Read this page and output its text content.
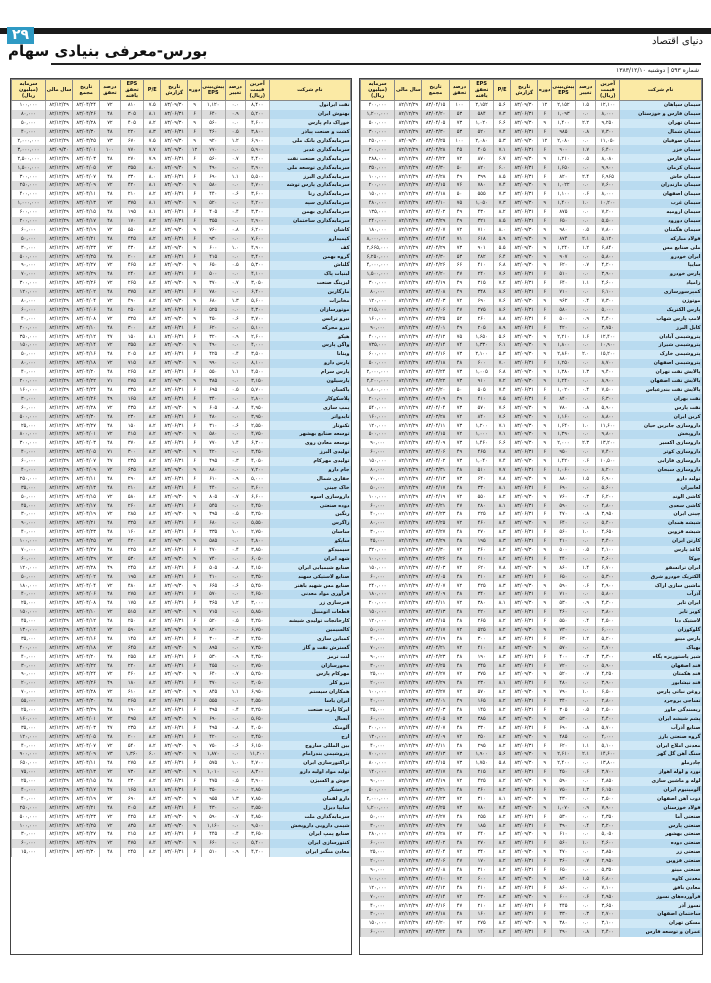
۲۹	دنیای اقتصاد
بورس-معرفی بنیادی سهام
شماره ۵۹۳ | دوشنبه ۱۳۸۳/۱۲/۱۰
نام شرکت	آخرین قیمت (ریال)	درصد تغییر	پیش‌بینی EPS	دوره	تاریخ گزارش	P/E	EPS تحقق یافته	درصد تحقق	تاریخ مجمع	سال مالی	سرمایه (میلیون ریال)
نفت ایرانول	۸,۴۰۰	۰.۰	۱,۱۲۰	۹	۸۳/۰۹/۳۰	۷.۵	۸۱۰	۷۲	۸۳/۰۴/۲۴	۸۲/۱۲/۲۹	۱۰۰,۰۰۰
بهنوش ایران	۵,۲۰۰	۰.۹	۶۴۰	۶	۸۳/۰۶/۳۱	۸.۱	۳۰۵	۴۸	۸۳/۰۴/۲۶	۸۲/۱۲/۲۹	۸۰,۰۰۰
خوراک دام پارس	۴,۶۰۰	۰.۰	۵۶۰	۹	۸۳/۰۹/۳۰	۸.۲	۴۰۵	۷۲	۸۳/۰۴/۲۸	۸۲/۱۲/۲۹	۵۰,۰۰۰
کشت و صنعت پیاذر	۳,۸۰۰	۰.۵	۴۶۰	۶	۸۳/۰۶/۳۱	۸.۳	۲۲۰	۴۸	۸۳/۰۴/۳۰	۸۲/۱۲/۲۹	۴۰,۰۰۰
سرمایه‌گذاری بانک ملی	۶,۹۰۰	۱.۲	۹۲۰	۹	۸۳/۰۹/۳۰	۷.۵	۶۷۰	۷۳	۸۳/۰۳/۲۵	۸۲/۱۲/۲۹	۲,۰۰۰,۰۰۰
سرمایه‌گذاری غدیر	۵,۹۰۰	۰.۰	۷۷۰	۱۲	۸۳/۰۹/۳۰	۷.۷	۷۷۰	۱۰۰	۸۳/۰۴/۰۱	۸۳/۰۹/۳۰	۳,۰۰۰,۰۰۰
سرمایه‌گذاری صنعت نفت	۴,۴۰۰	۰.۷	۵۶۰	۶	۸۳/۰۶/۳۱	۷.۹	۲۷۰	۴۸	۸۳/۰۴/۰۳	۸۲/۱۲/۲۹	۲,۵۰۰,۰۰۰
سرمایه‌گذاری توسعه ملی	۳,۹۰۰	۰.۰	۴۹۰	۹	۸۳/۰۹/۳۰	۸.۰	۳۵۵	۷۲	۸۳/۰۴/۰۵	۸۲/۱۲/۲۹	۱,۵۰۰,۰۰۰
سرمایه‌گذاری البرز	۵,۵۰۰	۱.۱	۶۹۰	۶	۸۳/۰۶/۳۱	۸.۰	۳۳۰	۴۸	۸۳/۰۴/۰۷	۸۲/۱۲/۲۹	۳۰۰,۰۰۰
سرمایه‌گذاری پارس توشه	۴,۷۰۰	۰.۰	۵۸۰	۹	۸۳/۰۹/۳۰	۸.۱	۴۲۰	۷۲	۸۳/۰۴/۰۹	۸۲/۱۲/۲۹	۲۵۰,۰۰۰
سرمایه‌گذاری رنا	۳,۶۰۰	۰.۶	۴۴۰	۶	۸۳/۰۶/۳۱	۸.۲	۲۱۰	۴۸	۸۳/۰۴/۱۱	۸۲/۱۲/۲۹	۴۰۰,۰۰۰
سرمایه‌گذاری سپه	۴,۲۰۰	۰.۰	۵۲۰	۹	۸۳/۰۹/۳۰	۸.۱	۳۷۵	۷۲	۸۳/۰۴/۱۳	۸۲/۱۲/۲۹	۱,۰۰۰,۰۰۰
سرمایه‌گذاری بهمن	۳,۳۰۰	۰.۴	۴۰۵	۶	۸۳/۰۶/۳۱	۸.۱	۱۹۵	۴۸	۸۳/۰۴/۱۵	۸۲/۱۲/۲۹	۶۰۰,۰۰۰
سرمایه‌گذاری ساختمان	۲,۹۰۰	۰.۰	۳۵۵	۶	۸۳/۰۶/۳۱	۸.۲	۱۷۰	۴۸	۸۳/۰۴/۱۷	۸۲/۱۲/۲۹	۲۰۰,۰۰۰
کاشان	۶,۲۰۰	۰.۸	۷۶۰	۹	۸۳/۰۹/۳۰	۸.۲	۵۵۰	۷۲	۸۳/۰۴/۱۹	۸۲/۱۲/۲۹	۶۰,۰۰۰
کیمیدارو	۷,۶۰۰	۰.۰	۹۳۰	۶	۸۳/۰۶/۳۱	۸.۲	۴۴۵	۴۸	۸۳/۰۴/۲۱	۸۲/۱۲/۲۹	۵۰,۰۰۰
کف	۴,۹۰۰	۱.۰	۶۰۰	۹	۸۳/۰۹/۳۰	۸.۲	۴۳۰	۷۲	۸۳/۰۴/۲۳	۸۲/۱۲/۲۹	۳۰,۰۰۰
گروه بهمن	۳,۴۰۰	۰.۰	۴۱۵	۶	۸۳/۰۶/۳۱	۸.۲	۲۰۰	۴۸	۸۳/۰۴/۲۵	۸۲/۱۲/۲۹	۵۰۰,۰۰۰
گلتاش	۵,۳۰۰	۰.۵	۶۵۰	۹	۸۳/۰۹/۳۰	۸.۲	۴۶۵	۷۲	۸۳/۰۴/۲۷	۸۲/۱۲/۲۹	۹۰,۰۰۰
لبنیات پاک	۴,۱۰۰	۰.۰	۵۰۰	۶	۸۳/۰۶/۳۱	۸.۲	۲۴۰	۴۸	۸۳/۰۴/۲۹	۸۲/۱۲/۲۹	۷۰,۰۰۰
لیزینگ صنعت	۳,۰۵۰	۰.۷	۳۷۰	۹	۸۳/۰۹/۳۰	۸.۲	۲۶۵	۷۲	۸۳/۰۳/۲۶	۸۲/۱۲/۲۹	۳۰۰,۰۰۰
مارگارین	۶,۴۰۰	۰.۰	۷۸۰	۶	۸۳/۰۶/۳۱	۸.۲	۳۷۵	۴۸	۸۳/۰۴/۰۲	۸۲/۱۲/۲۹	۱۲۰,۰۰۰
مخابرات	۵,۶۰۰	۱.۳	۶۸۰	۹	۸۳/۰۹/۳۰	۸.۲	۴۹۰	۷۲	۸۳/۰۴/۰۴	۸۲/۱۲/۲۹	۸۰,۰۰۰
موتورسازان	۴,۳۰۰	۰.۰	۵۲۵	۶	۸۳/۰۶/۳۱	۸.۲	۲۵۰	۴۸	۸۳/۰۴/۰۶	۸۲/۱۲/۲۹	۶۰,۰۰۰
نیرو ترانس	۳,۷۰۰	۰.۶	۴۵۰	۹	۸۳/۰۹/۳۰	۸.۲	۳۲۵	۷۲	۸۳/۰۴/۰۸	۸۲/۱۲/۲۹	۴۰,۰۰۰
نیرو محرکه	۵,۱۰۰	۰.۰	۶۲۰	۶	۸۳/۰۶/۳۱	۸.۲	۳۰۰	۴۸	۸۳/۰۴/۱۰	۸۲/۱۲/۲۹	۲۰۰,۰۰۰
هپکو	۲,۶۰۰	۰.۹	۳۲۰	۶	۸۳/۰۶/۳۱	۸.۱	۱۵۰	۴۷	۸۳/۰۴/۱۲	۸۲/۱۲/۲۹	۳۵۰,۰۰۰
واگن پارس	۴,۰۰۰	۰.۰	۴۹۰	۹	۸۳/۰۹/۳۰	۸.۲	۳۵۵	۷۲	۸۳/۰۴/۱۴	۸۲/۱۲/۲۹	۱۵۰,۰۰۰
ویتانا	۳,۵۰۰	۰.۴	۴۲۵	۶	۸۳/۰۶/۳۱	۸.۲	۲۰۵	۴۸	۸۳/۰۴/۱۶	۸۲/۱۲/۲۹	۵۰,۰۰۰
پارس دارو	۸,۱۰۰	۰.۰	۹۹۰	۹	۸۳/۰۹/۳۰	۸.۲	۷۱۵	۷۲	۸۳/۰۴/۱۸	۸۲/۱۲/۲۹	۸۰,۰۰۰
پارس سرام	۴,۵۰۰	۱.۱	۵۵۰	۶	۸۳/۰۶/۳۱	۸.۲	۲۶۵	۴۸	۸۳/۰۴/۲۰	۸۲/۱۲/۲۹	۴۰,۰۰۰
پارسیلون	۳,۱۵۰	۰.۰	۳۸۵	۹	۸۳/۰۹/۳۰	۸.۲	۲۷۵	۷۱	۸۳/۰۴/۲۲	۸۲/۱۲/۲۹	۲۰۰,۰۰۰
پاکسان	۵,۷۰۰	۰.۵	۶۹۵	۶	۸۳/۰۶/۳۱	۸.۲	۳۳۵	۴۸	۸۳/۰۴/۲۴	۸۲/۱۲/۲۹	۱۶۰,۰۰۰
پلاسکوکار	۲,۸۰۰	۰.۰	۳۴۰	۶	۸۳/۰۶/۳۱	۸.۲	۱۶۵	۴۹	۸۳/۰۴/۲۶	۸۲/۱۲/۲۹	۳۰,۰۰۰
پمپ سازی	۴,۹۵۰	۰.۸	۶۰۵	۹	۸۳/۰۹/۳۰	۸.۲	۴۳۵	۷۲	۸۳/۰۴/۲۸	۸۲/۱۲/۲۹	۶۰,۰۰۰
تایدواتر	۳,۹۵۰	۰.۰	۴۸۰	۶	۸۳/۰۶/۳۱	۸.۲	۲۳۰	۴۸	۸۳/۰۴/۳۰	۸۲/۱۲/۲۹	۵۰۰,۰۰۰
تکنوتار	۲,۵۵۰	۰.۶	۳۱۰	۶	۸۳/۰۶/۳۱	۸.۲	۱۵۰	۴۸	۸۳/۰۳/۲۷	۸۲/۱۲/۲۹	۲۵,۰۰۰
توسعه صنایع بهشهر	۴,۷۵۰	۰.۰	۵۸۰	۹	۸۳/۰۹/۳۰	۸.۲	۴۱۵	۷۲	۸۳/۰۴/۰۱	۸۲/۱۲/۲۹	۸۰۰,۰۰۰
توسعه معادن روی	۶,۳۰۰	۱.۴	۷۷۰	۶	۸۳/۰۶/۳۱	۸.۲	۳۷۰	۴۸	۸۳/۰۴/۰۳	۸۲/۱۲/۲۹	۳۰۰,۰۰۰
تولیدی البرز	۳,۴۵۰	۰.۰	۴۲۰	۹	۸۳/۰۹/۳۰	۸.۲	۳۰۰	۷۱	۸۳/۰۴/۰۵	۸۲/۱۲/۲۹	۴۰,۰۰۰
تولیدی مهرکام	۴,۰۵۰	۰.۳	۴۹۵	۶	۸۳/۰۶/۳۱	۸.۲	۲۳۵	۴۷	۸۳/۰۴/۰۷	۸۲/۱۲/۲۹	۶۰,۰۰۰
جام دارو	۷,۲۰۰	۰.۰	۸۸۰	۹	۸۳/۰۹/۳۰	۸.۲	۶۳۵	۷۲	۸۳/۰۴/۰۹	۸۲/۱۲/۲۹	۴۰,۰۰۰
حفاری شمال	۵,۰۰۰	۰.۹	۶۱۰	۶	۸۳/۰۶/۳۱	۸.۲	۲۹۰	۴۸	۸۳/۰۴/۱۱	۸۲/۱۲/۲۹	۲۵۰,۰۰۰
خاک چینی	۳,۶۰۰	۰.۰	۴۴۰	۶	۸۳/۰۶/۳۱	۸.۲	۲۱۰	۴۸	۸۳/۰۴/۱۳	۸۲/۱۲/۲۹	۳۵,۰۰۰
داروسازی اسوه	۶,۶۰۰	۰.۷	۸۰۵	۹	۸۳/۰۹/۳۰	۸.۲	۵۸۰	۷۲	۸۳/۰۴/۱۵	۸۲/۱۲/۲۹	۵۰,۰۰۰
دوده صنعتی	۴,۴۵۰	۰.۰	۵۴۵	۶	۸۳/۰۶/۳۱	۸.۲	۲۶۰	۴۸	۸۳/۰۴/۱۷	۸۲/۱۲/۲۹	۴۵,۰۰۰
رنگین	۳,۲۵۰	۰.۵	۳۹۵	۹	۸۳/۰۹/۳۰	۸.۲	۲۸۵	۷۲	۸۳/۰۴/۱۹	۸۲/۱۲/۲۹	۳۰,۰۰۰
زاگرس	۵,۵۵۰	۰.۰	۶۸۰	۶	۸۳/۰۶/۳۱	۸.۲	۳۲۵	۴۸	۸۳/۰۴/۲۱	۸۲/۱۲/۲۹	۹۰,۰۰۰
ساسان	۲,۷۵۰	۱.۰	۳۳۵	۶	۸۳/۰۶/۳۱	۸.۲	۱۶۰	۴۸	۸۳/۰۴/۲۳	۸۲/۱۲/۲۹	۴۰,۰۰۰
ساپکو	۴,۸۰۰	۰.۰	۵۸۵	۹	۸۳/۰۹/۳۰	۸.۲	۴۲۰	۷۲	۸۳/۰۴/۲۵	۸۲/۱۲/۲۹	۱۰۰,۰۰۰
سیمیدکو	۳,۸۵۰	۰.۴	۴۷۰	۶	۸۳/۰۶/۳۱	۸.۲	۲۲۵	۴۸	۸۳/۰۴/۲۷	۸۲/۱۲/۲۹	۷۰,۰۰۰
شهد ایران	۶,۰۵۰	۰.۰	۷۴۰	۹	۸۳/۰۹/۳۰	۸.۲	۵۳۰	۷۲	۸۳/۰۴/۲۹	۸۲/۱۲/۲۹	۶۰,۰۰۰
صنایع شیمیایی ایران	۴,۱۵۰	۰.۸	۵۰۵	۶	۸۳/۰۶/۳۱	۸.۲	۲۴۵	۴۹	۸۳/۰۳/۲۸	۸۲/۱۲/۲۹	۱۲۰,۰۰۰
صنایع لاستیکی سهند	۳,۳۵۰	۰.۰	۴۱۰	۶	۸۳/۰۶/۳۱	۸.۲	۱۹۵	۴۸	۸۳/۰۴/۰۲	۸۲/۱۲/۲۹	۵۰,۰۰۰
صنایع مس شهید باهنر	۵,۴۵۰	۰.۶	۶۶۵	۹	۸۳/۰۹/۳۰	۸.۲	۴۸۰	۷۲	۸۳/۰۴/۰۴	۸۲/۱۲/۲۹	۱۸۰,۰۰۰
فرآوری مواد معدنی	۴,۶۵۰	۰.۰	۵۷۰	۶	۸۳/۰۶/۳۱	۸.۲	۲۷۵	۴۸	۸۳/۰۴/۰۶	۸۲/۱۲/۲۹	۴۰,۰۰۰
فنرسازی زر	۳,۰۰۰	۱.۲	۳۶۵	۶	۸۳/۰۶/۳۱	۸.۲	۱۷۵	۴۸	۸۳/۰۴/۰۸	۸۲/۱۲/۲۹	۲۵,۰۰۰
قطعات اتومبیل	۵,۸۵۰	۰.۰	۷۱۵	۹	۸۳/۰۹/۳۰	۸.۲	۵۱۵	۷۲	۸۳/۰۴/۱۰	۸۲/۱۲/۲۹	۱۵۰,۰۰۰
کارخانجات تولیدی شیشه	۴,۲۵۰	۰.۵	۵۲۰	۶	۸۳/۰۶/۳۱	۸.۲	۲۵۰	۴۸	۸۳/۰۴/۱۲	۸۲/۱۲/۲۹	۴۵,۰۰۰
کالسیمین	۶,۷۵۰	۰.۰	۸۲۰	۹	۸۳/۰۹/۳۰	۸.۲	۵۹۰	۷۲	۸۳/۰۴/۱۴	۸۲/۱۲/۲۹	۱۳۰,۰۰۰
کمباین سازی	۲,۴۵۰	۰.۳	۳۰۰	۶	۸۳/۰۶/۳۱	۸.۲	۱۴۵	۴۸	۸۳/۰۴/۱۶	۸۲/۱۲/۲۹	۳۵,۰۰۰
گسترش نفت و گاز	۷,۳۵۰	۰.۰	۸۹۵	۹	۸۳/۰۹/۳۰	۸.۲	۶۴۵	۷۲	۸۳/۰۴/۱۸	۸۲/۱۲/۲۹	۴۰۰,۰۰۰
لنت ترمز	۴,۳۵۰	۰.۹	۵۳۰	۶	۸۳/۰۶/۳۱	۸.۲	۲۵۵	۴۸	۸۳/۰۴/۲۰	۸۲/۱۲/۲۹	۴۰,۰۰۰
محورسازان	۳,۷۵۰	۰.۰	۴۵۵	۶	۸۳/۰۶/۳۱	۸.۲	۲۲۰	۴۸	۸۳/۰۴/۲۲	۸۲/۱۲/۲۹	۳۰,۰۰۰
مهرکام پارس	۵,۲۵۰	۰.۷	۶۴۰	۹	۸۳/۰۹/۳۰	۸.۲	۴۶۰	۷۲	۸۳/۰۴/۲۴	۸۲/۱۲/۲۹	۹۰,۰۰۰
نیرو کلر	۳,۰۵۰	۰.۰	۳۷۰	۶	۸۳/۰۶/۳۱	۸.۲	۱۸۰	۴۹	۸۳/۰۴/۲۶	۸۲/۱۲/۲۹	۲۰,۰۰۰
همکاران سیستم	۶,۹۵۰	۱.۱	۸۴۵	۹	۸۳/۰۹/۳۰	۸.۲	۶۱۰	۷۲	۸۳/۰۴/۲۸	۸۲/۱۲/۲۹	۷۰,۰۰۰
ایران یاسا	۴,۵۵۰	۰.۰	۵۵۵	۶	۸۳/۰۶/۳۱	۸.۲	۲۶۵	۴۸	۸۳/۰۴/۳۰	۸۲/۱۲/۲۹	۵۵,۰۰۰
ایرکا پارت صنعت	۳,۲۵۰	۰.۴	۳۹۵	۶	۸۳/۰۶/۳۱	۸.۲	۱۹۰	۴۸	۸۳/۰۳/۲۹	۸۲/۱۲/۲۹	۲۵,۰۰۰
آبسال	۵,۶۵۰	۰.۰	۶۹۰	۹	۸۳/۰۹/۳۰	۸.۲	۴۹۵	۷۲	۸۳/۰۴/۰۱	۸۲/۱۲/۲۹	۱۶۰,۰۰۰
آلومتک	۴,۰۵۰	۰.۸	۴۹۵	۶	۸۳/۰۶/۳۱	۸.۲	۲۳۵	۴۷	۸۳/۰۴/۰۳	۸۲/۱۲/۲۹	۳۵,۰۰۰
ارج	۳,۴۵۰	۰.۰	۴۲۰	۶	۸۳/۰۶/۳۱	۸.۲	۲۰۰	۴۸	۸۳/۰۴/۰۵	۸۲/۱۲/۲۹	۱۲۰,۰۰۰
بین المللی ساروج	۶,۱۵۰	۰.۶	۷۵۰	۹	۸۳/۰۹/۳۰	۸.۲	۵۴۰	۷۲	۸۳/۰۴/۰۷	۸۲/۱۲/۲۹	۴۰,۰۰۰
پتروشیمی بندرامام	۱۱,۲۰۰	۰.۰	۱,۸۷۰	۹	۸۳/۰۹/۳۰	۶.۰	۱,۳۶۰	۷۳	۸۳/۰۴/۰۹	۸۲/۱۲/۲۹	۹۰۰,۰۰۰
تراکتورسازی ایران	۴,۷۰۰	۱.۰	۵۷۵	۶	۸۳/۰۶/۳۱	۸.۲	۲۷۵	۴۸	۸۳/۰۴/۱۱	۸۲/۱۲/۲۹	۶۵۰,۰۰۰
تولید مواد اولیه دارو	۸,۳۰۰	۰.۰	۱,۰۱۰	۹	۸۳/۰۹/۳۰	۸.۲	۷۳۰	۷۲	۸۳/۰۴/۱۳	۸۲/۱۲/۲۹	۷۵,۰۰۰
جوش و اکسیژن	۳,۹۰۰	۰.۵	۴۷۵	۶	۸۳/۰۶/۳۱	۸.۲	۲۳۰	۴۸	۸۳/۰۴/۱۵	۸۲/۱۲/۲۹	۲۵,۰۰۰
چرخشگر	۲,۸۵۰	۰.۰	۳۵۰	۶	۸۳/۰۶/۳۱	۸.۱	۱۶۵	۴۷	۸۳/۰۴/۱۷	۸۲/۱۲/۲۹	۴۰,۰۰۰
دارو لقمان	۷,۸۵۰	۱.۳	۹۵۵	۹	۸۳/۰۹/۳۰	۸.۲	۶۹۰	۷۲	۸۳/۰۴/۱۹	۸۲/۱۲/۲۹	۴۰,۰۰۰
سایپا دیزل	۳,۵۵۰	۰.۰	۴۳۰	۶	۸۳/۰۶/۳۱	۸.۳	۲۰۵	۴۸	۸۳/۰۴/۲۱	۸۲/۱۲/۲۹	۲۵۰,۰۰۰
سرمایه‌گذاری ملت	۴,۸۵۰	۰.۷	۵۹۰	۹	۸۳/۰۹/۳۰	۸.۲	۴۲۵	۷۲	۸۳/۰۴/۲۳	۸۲/۱۲/۲۹	۵۰۰,۰۰۰
شیمی دارویی داروپخش	۹,۵۰۰	۰.۰	۱,۱۶۰	۹	۸۳/۰۹/۳۰	۸.۲	۸۳۵	۷۲	۸۳/۰۴/۲۵	۸۲/۱۲/۲۹	۱۰۰,۰۰۰
صنایع پمپ ایران	۳,۶۵۰	۰.۴	۴۴۵	۶	۸۳/۰۶/۳۱	۸.۲	۲۱۵	۴۸	۸۳/۰۴/۲۷	۸۲/۱۲/۲۹	۳۰,۰۰۰
کنتورسازی ایران	۵,۴۰۰	۰.۰	۶۶۰	۹	۸۳/۰۹/۳۰	۸.۲	۴۷۵	۷۲	۸۳/۰۴/۲۹	۸۲/۱۲/۲۹	۶۰,۰۰۰
معادن منگنز ایران	۴,۲۰۰	۰.۹	۵۱۰	۶	۸۳/۰۶/۳۱	۸.۲	۲۴۵	۴۸	۸۳/۰۳/۳۰	۸۲/۱۲/۲۹	۱۵,۰۰۰
نام شرکت	آخرین قیمت (ریال)	درصد تغییر	پیش‌بینی EPS	دوره	تاریخ گزارش	P/E	EPS تحقق یافته	درصد تحقق	تاریخ مجمع	سال مالی	سرمایه (میلیون ریال)
سیمان سپاهان	۱۲,۱۰۰	۱.۵	۲,۱۵۲	۱۲	۸۳/۰۹/۳۰	۵.۶	۲,۱۵۲	۱۰۰	۸۳/۰۴/۱۵	۸۲/۱۲/۲۹	۴۰۰,۰۰۰
سیمان فارس و خوزستان	۸,۰۰۰	۰.۰	۱,۰۹۳	۶	۸۳/۰۶/۳۱	۷.۳	۵۸۴	۵۳	۸۳/۰۴/۲۰	۸۲/۱۲/۲۹	۱,۲۰۰,۰۰۰
سیمان تهران	۹,۲۵۰	۲.۲	۱,۴۰۰	۹	۸۳/۰۹/۳۰	۶.۶	۱,۰۲۰	۷۳	۸۳/۰۴/۰۵	۸۲/۱۲/۲۹	۵۰۰,۰۰۰
سیمان شمال	۷,۳۰۰	۰.۸	۹۸۵	۶	۸۳/۰۶/۳۱	۷.۴	۵۲۰	۵۳	۸۳/۰۳/۳۰	۸۲/۱۲/۲۹	۳۰۰,۰۰۰
سیمان صوفیان	۱۱,۰۵۰	۰.۰	۲,۰۸۰	۱۲	۸۳/۰۹/۳۰	۵.۳	۲,۰۸۰	۱۰۰	۸۳/۰۴/۲۵	۸۳/۰۹/۳۰	۲۵۰,۰۰۰
سیمان خزر	۶,۴۰۰	۱.۷	۹۰۰	۶	۸۳/۰۶/۳۱	۷.۱	۴۰۵	۴۵	۸۳/۰۴/۲۸	۸۲/۱۲/۲۹	۲۰۰,۰۰۰
سیمان فارس	۸,۰۸۰	۰.۵	۱,۲۱۰	۹	۸۳/۰۹/۳۰	۶.۷	۸۷۰	۷۲	۸۳/۰۴/۲۲	۸۲/۱۲/۲۹	۲۸۸,۰۰۰
سیمان کرمان	۹,۹۰۰	۰.۰	۱,۶۵۰	۶	۸۳/۰۶/۳۱	۶.۰	۸۲۰	۵۰	۸۳/۰۴/۳۰	۸۲/۱۲/۲۹	۳۵۰,۰۰۰
سیمان خاش	۶,۹۶۵	۲.۴	۸۲۰	۶	۸۳/۰۶/۳۱	۸.۵	۳۹۹	۴۹	۸۳/۰۴/۲۸	۸۲/۱۲/۲۹	۱۰۰,۰۰۰
سیمان مازندران	۷,۶۰۰	۰.۰	۱,۰۲۲	۹	۸۳/۰۹/۳۰	۷.۴	۷۸۰	۷۶	۸۳/۰۴/۱۵	۸۲/۱۲/۲۹	۲۰۰,۰۰۰
سیمان اصفهان	۸,۰۰۰	۰.۶	۱,۱۰۰	۶	۸۳/۰۶/۳۱	۷.۳	۵۵۵	۵۰	۸۳/۰۴/۱۸	۸۲/۱۲/۲۹	۱۵۰,۰۰۰
سیمان غرب	۱۰,۲۰۰	۱.۰	۱,۴۰۰	۹	۸۳/۰۹/۳۰	۷.۳	۱,۰۵۰	۷۵	۸۳/۰۴/۱۰	۸۲/۱۲/۲۹	۴۸۰,۰۰۰
سیمان ارومیه	۷,۲۰۰	۰.۰	۸۷۵	۶	۸۳/۰۶/۳۱	۸.۲	۴۳۰	۴۹	۸۳/۰۴/۰۲	۸۲/۱۲/۲۹	۱۳۵,۰۰۰
سیمان دورود	۵,۵۰۰	۰.۰	۶۵۰	۶	۸۳/۰۶/۳۱	۸.۵	۳۲۱	۴۹	۸۳/۰۳/۲۹	۸۲/۱۲/۲۹	۲۴۰,۰۰۰
سیمان هگمتان	۷,۸۰۰	۰.۵	۹۸۰	۹	۸۳/۰۹/۳۰	۸.۰	۷۱۰	۷۲	۸۳/۰۴/۰۷	۸۲/۱۲/۲۹	۱۸۰,۰۰۰
فولاد مبارکه	۵,۱۲۰	۲.۱	۸۷۴	۹	۸۳/۰۹/۳۰	۵.۹	۶۱۸	۷۱	۸۳/۰۴/۱۴	۸۲/۱۲/۲۹	۸,۰۰۰,۰۰۰
ملی صنایع مس	۶,۸۴۰	۱.۲	۱,۲۴۰	۹	۸۳/۰۹/۳۰	۵.۵	۹۰۱	۷۳	۸۳/۰۴/۲۹	۸۲/۱۲/۲۹	۲,۶۶۵,۰۰۰
ایران خودرو	۵,۸۰۰	۰.۰	۹۰۷	۹	۸۳/۰۹/۳۰	۶.۴	۴۸۲	۵۳	۸۳/۰۴/۳۰	۸۲/۱۲/۲۹	۶,۲۵۰,۰۰۰
سایپا	۴,۲۰۰	۰.۷	۶۲۰	۹	۸۳/۰۹/۳۰	۶.۸	۴۱۰	۶۶	۸۳/۰۴/۲۶	۸۲/۱۲/۲۹	۴,۰۰۰,۰۰۰
پارس خودرو	۳,۹۰۰	۰.۰	۵۱۰	۶	۸۳/۰۶/۳۱	۷.۶	۲۴۰	۴۷	۸۳/۰۴/۲۰	۸۲/۱۲/۲۹	۱,۵۰۰,۰۰۰
زامیاد	۴,۶۰۰	۱.۱	۶۴۰	۶	۸۳/۰۶/۳۱	۷.۲	۳۱۵	۴۹	۸۳/۰۴/۱۹	۸۲/۱۲/۲۹	۳۰۰,۰۰۰
کمپرسورسازی	۶,۱۰۰	۰.۰	۷۱۰	۶	۸۳/۰۶/۳۱	۸.۶	۳۴۸	۴۹	۸۳/۰۴/۰۸	۸۲/۱۲/۲۹	۸۰,۰۰۰
موتوژن	۷,۳۰۰	۰.۴	۹۶۲	۹	۸۳/۰۹/۳۰	۷.۶	۶۹۰	۷۲	۸۳/۰۴/۰۳	۸۲/۱۲/۲۹	۱۲۰,۰۰۰
پارس الکتریک	۵,۰۰۰	۰.۰	۵۸۰	۶	۸۳/۰۶/۳۱	۸.۶	۲۷۵	۴۷	۸۳/۰۴/۰۶	۸۲/۱۲/۲۹	۲۱۵,۰۰۰
لامپ پارس شهاب	۴,۴۰۰	۰.۹	۵۰۰	۶	۸۳/۰۶/۳۱	۸.۸	۲۶۰	۵۲	۸۳/۰۳/۲۵	۸۲/۱۲/۲۹	۱۶۰,۰۰۰
کابل البرز	۳,۷۵۰	۰.۰	۴۲۰	۶	۸۳/۰۶/۳۱	۸.۹	۲۰۵	۴۹	۸۳/۰۴/۰۱	۸۲/۱۲/۲۹	۹۰,۰۰۰
پتروشیمی آبادان	۱۲,۴۰۰	۱.۶	۲,۲۱۰	۹	۸۳/۰۹/۳۰	۵.۶	۱,۶۵۰	۷۵	۸۳/۰۴/۱۲	۸۲/۱۲/۲۹	۴۰۰,۰۰۰
پتروشیمی شیراز	۱۰,۹۰۰	۰.۰	۱,۸۰۰	۹	۸۳/۰۹/۳۰	۶.۱	۱,۳۳۰	۷۴	۸۳/۰۴/۱۴	۸۲/۱۲/۲۹	۷۳۵,۰۰۰
پتروشیمی خارک	۱۵,۲۰۰	۲.۰	۲,۸۶۰	۹	۸۳/۰۹/۳۰	۵.۳	۲,۱۰۰	۷۳	۸۳/۰۴/۱۶	۸۲/۱۲/۲۹	۶۰۰,۰۰۰
پتروشیمی اصفهان	۸,۷۰۰	۰.۰	۱,۲۵۰	۶	۸۳/۰۶/۳۱	۷.۰	۶۰۰	۴۸	۸۳/۰۴/۱۸	۸۲/۱۲/۲۹	۵۰۰,۰۰۰
پالایش نفت تهران	۹,۴۰۰	۱.۳	۱,۳۸۰	۹	۸۳/۰۹/۳۰	۶.۸	۱,۰۰۵	۷۳	۸۳/۰۴/۲۴	۸۲/۱۲/۲۹	۲,۰۰۰,۰۰۰
پالایش نفت اصفهان	۸,۹۰۰	۰.۰	۱,۲۴۰	۹	۸۳/۰۹/۳۰	۷.۲	۹۱۰	۷۳	۸۳/۰۴/۲۲	۸۲/۱۲/۲۹	۲,۲۰۰,۰۰۰
پالایش نفت بندرعباس	۷,۵۰۰	۰.۴	۱,۰۲۰	۶	۸۳/۰۶/۳۱	۷.۴	۵۰۵	۵۰	۸۳/۰۴/۲۰	۸۲/۱۲/۲۹	۱,۸۰۰,۰۰۰
نفت بهران	۶,۳۰۰	۰.۰	۸۴۰	۶	۸۳/۰۶/۳۱	۷.۵	۴۱۰	۴۹	۸۳/۰۴/۰۹	۸۲/۱۲/۲۹	۲۰۰,۰۰۰
نفت پارس	۵,۹۰۰	۰.۸	۷۸۰	۹	۸۳/۰۹/۳۰	۷.۶	۵۷۰	۷۳	۸۳/۰۴/۰۴	۸۲/۱۲/۲۹	۵۴۰,۰۰۰
کربن ایران	۸,۸۰۰	۰.۰	۱,۱۶۰	۹	۸۳/۰۹/۳۰	۷.۶	۸۴۰	۷۲	۸۳/۰۳/۲۸	۸۲/۱۲/۲۹	۱۶۰,۰۰۰
داروسازی جابربن حیان	۱۱,۶۰۰	۱.۰	۱,۶۴۰	۹	۸۳/۰۹/۳۰	۷.۱	۱,۲۰۰	۷۳	۸۳/۰۴/۱۱	۸۲/۱۲/۲۹	۱۲۰,۰۰۰
داروپخش	۹,۸۰۰	۰.۰	۱,۳۹۰	۹	۸۳/۰۹/۳۰	۷.۱	۱,۰۰۰	۷۲	۸۳/۰۴/۱۵	۸۲/۱۲/۲۹	۵۰۰,۰۰۰
داروسازی اکسیر	۱۳,۲۰۰	۲.۳	۲,۰۰۰	۹	۸۳/۰۹/۳۰	۶.۶	۱,۴۶۰	۷۳	۸۳/۰۴/۰۹	۸۲/۱۲/۲۹	۹۰,۰۰۰
داروسازی کوثر	۷,۴۰۰	۰.۰	۹۵۰	۶	۸۳/۰۶/۳۱	۷.۸	۴۶۵	۴۹	۸۳/۰۴/۰۶	۸۲/۱۲/۲۹	۶۰,۰۰۰
داروسازی فارابی	۱۰,۵۰۰	۰.۶	۱,۴۲۰	۹	۸۳/۰۹/۳۰	۷.۴	۱,۰۴۰	۷۳	۸۳/۰۴/۰۲	۸۲/۱۲/۲۹	۱۵۰,۰۰۰
داروسازی سبحان	۸,۲۰۰	۰.۰	۱,۰۶۰	۶	۸۳/۰۶/۳۱	۷.۷	۵۱۰	۴۸	۸۳/۰۳/۳۱	۸۲/۱۲/۲۹	۸۰,۰۰۰
تولید دارو	۶,۹۰۰	۱.۵	۸۸۰	۹	۸۳/۰۹/۳۰	۷.۸	۶۴۰	۷۳	۸۳/۰۴/۱۳	۸۲/۱۲/۲۹	۷۰,۰۰۰
لعابیران	۵,۶۰۰	۰.۰	۶۹۰	۶	۸۳/۰۶/۳۱	۸.۱	۳۳۰	۴۸	۸۳/۰۴/۱۷	۸۲/۱۲/۲۹	۵۰,۰۰۰
کاشی الوند	۶,۲۰۰	۰.۳	۷۶۰	۹	۸۳/۰۹/۳۰	۸.۲	۵۵۰	۷۲	۸۳/۰۴/۱۹	۸۲/۱۲/۲۹	۱۰۰,۰۰۰
کاشی سعدی	۴,۸۰۰	۰.۰	۵۹۰	۶	۸۳/۰۶/۳۱	۸.۱	۲۸۰	۴۷	۸۳/۰۴/۲۱	۸۲/۱۲/۲۹	۶۰,۰۰۰
چینی ایران	۳,۹۵۰	۰.۸	۴۷۰	۶	۸۳/۰۶/۳۱	۸.۴	۲۲۵	۴۸	۸۳/۰۴/۲۳	۸۲/۱۲/۲۹	۴۰,۰۰۰
شیشه همدان	۵,۴۰۰	۰.۰	۶۴۰	۹	۸۳/۰۹/۳۰	۸.۴	۴۶۰	۷۲	۸۳/۰۴/۲۵	۸۲/۱۲/۲۹	۸۰,۰۰۰
شیشه قزوین	۴,۶۵۰	۱.۰	۵۶۰	۶	۸۳/۰۶/۳۱	۸.۳	۲۷۰	۴۸	۸۳/۰۴/۲۷	۸۲/۱۲/۲۹	۳۰,۰۰۰
کارتن ایران	۳,۴۰۰	۰.۰	۴۱۰	۶	۸۳/۰۶/۳۱	۸.۳	۱۹۵	۴۸	۸۳/۰۴/۲۹	۸۲/۱۲/۲۹	۴۵,۰۰۰
کاغذ پارس	۴,۱۰۰	۰.۵	۵۰۰	۹	۸۳/۰۹/۳۰	۸.۲	۳۶۰	۷۲	۸۳/۰۴/۳۰	۸۲/۱۲/۲۹	۳۲۰,۰۰۰
چوکا	۳,۶۰۰	۰.۰	۴۴۰	۶	۸۳/۰۶/۳۱	۸.۲	۲۱۰	۴۸	۸۳/۰۳/۲۶	۸۲/۱۲/۲۹	۱۰۰,۰۰۰
ایران ترانسفو	۶,۷۰۰	۱.۴	۸۶۰	۹	۸۳/۰۹/۳۰	۷.۸	۶۲۰	۷۲	۸۳/۰۴/۰۳	۸۲/۱۲/۲۹	۱۵۰,۰۰۰
الکتریک خودرو شرق	۵,۳۰۰	۰.۰	۶۵۰	۶	۸۳/۰۶/۳۱	۸.۲	۳۱۰	۴۸	۸۳/۰۴/۰۵	۸۲/۱۲/۲۹	۶۰,۰۰۰
ماشین سازی اراک	۴,۹۰۰	۰.۶	۵۹۰	۹	۸۳/۰۹/۳۰	۸.۳	۴۲۵	۷۲	۸۳/۰۴/۰۷	۸۲/۱۲/۲۹	۲۴۰,۰۰۰
آذرآب	۵,۸۰۰	۰.۰	۷۱۰	۶	۸۳/۰۶/۳۱	۸.۲	۳۴۰	۴۸	۸۳/۰۴/۰۹	۸۲/۱۲/۲۹	۱۸۰,۰۰۰
ایران تایر	۴,۳۰۰	۰.۹	۵۳۰	۹	۸۳/۰۹/۳۰	۸.۱	۳۸۰	۷۲	۸۳/۰۴/۱۱	۸۲/۱۲/۲۹	۲۰۰,۰۰۰
کویر تایر	۳,۸۰۰	۰.۰	۴۶۰	۶	۸۳/۰۶/۳۱	۸.۳	۲۲۰	۴۸	۸۳/۰۴/۱۳	۸۲/۱۲/۲۹	۱۵۰,۰۰۰
لاستیک دنا	۴,۵۰۰	۰.۴	۵۵۰	۶	۸۳/۰۶/۳۱	۸.۲	۲۶۵	۴۸	۸۳/۰۴/۱۵	۸۲/۱۲/۲۹	۱۲۰,۰۰۰
گلوکوزان	۶,۰۰۰	۰.۰	۷۳۰	۹	۸۳/۰۹/۳۰	۸.۲	۵۲۵	۷۲	۸۳/۰۴/۱۷	۸۲/۱۲/۲۹	۵۰,۰۰۰
پارس مینو	۵,۲۰۰	۱.۲	۶۳۰	۶	۸۳/۰۶/۳۱	۸.۳	۳۰۰	۴۸	۸۳/۰۴/۱۹	۸۲/۱۲/۲۹	۴۰,۰۰۰
بهپاک	۴,۷۰۰	۰.۰	۵۷۰	۹	۸۳/۰۹/۳۰	۸.۲	۴۱۰	۷۲	۸۳/۰۴/۲۱	۸۲/۱۲/۲۹	۷۰,۰۰۰
شیر پاستوریزه پگاه	۳,۳۰۰	۰.۳	۴۰۰	۶	۸۳/۰۶/۳۱	۸.۳	۱۹۰	۴۸	۸۳/۰۴/۲۳	۸۲/۱۲/۲۹	۹۰,۰۰۰
قند اصفهان	۵,۹۰۰	۰.۰	۷۲۰	۶	۸۳/۰۶/۳۱	۸.۲	۳۴۵	۴۸	۸۳/۰۴/۲۵	۸۲/۱۲/۲۹	۳۰,۰۰۰
قند هکمتان	۴,۲۵۰	۰.۷	۵۲۰	۹	۸۳/۰۹/۳۰	۸.۲	۳۷۵	۷۲	۸۳/۰۴/۲۷	۸۲/۱۲/۲۹	۲۵,۰۰۰
قند نیشابور	۳,۹۰۰	۰.۰	۴۸۰	۶	۸۳/۰۶/۳۱	۸.۱	۲۳۰	۴۸	۸۳/۰۴/۲۹	۸۲/۱۲/۲۹	۲۰,۰۰۰
روغن نباتی پارس	۶,۵۰۰	۱.۰	۷۹۰	۹	۸۳/۰۹/۳۰	۸.۲	۵۷۰	۷۲	۸۳/۰۳/۲۷	۸۲/۱۲/۲۹	۱۰۰,۰۰۰
نساجی بروجرد	۲,۸۰۰	۰.۰	۳۴۰	۶	۸۳/۰۶/۳۱	۸.۲	۱۶۵	۴۹	۸۳/۰۴/۰۱	۸۲/۱۲/۲۹	۴۰,۰۰۰
ریسندگی خاور	۲,۵۰۰	۰.۵	۳۰۵	۶	۸۳/۰۶/۳۱	۸.۲	۱۴۵	۴۸	۸۳/۰۴/۰۳	۸۲/۱۲/۲۹	۳۵,۰۰۰
پشم شیشه ایران	۴,۴۰۰	۰.۰	۵۳۰	۹	۸۳/۰۹/۳۰	۸.۳	۳۸۵	۷۳	۸۳/۰۴/۰۵	۸۲/۱۲/۲۹	۶۰,۰۰۰
صنایع آذرآب	۵,۷۰۰	۰.۸	۶۹۰	۶	۸۳/۰۶/۳۱	۸.۳	۳۳۰	۴۸	۸۳/۰۴/۰۷	۸۲/۱۲/۲۹	۲۰۰,۰۰۰
گروه صنعتی بارز	۴,۰۰۰	۰.۰	۴۸۵	۹	۸۳/۰۹/۳۰	۸.۲	۳۵۰	۷۲	۸۳/۰۴/۰۹	۸۲/۱۲/۲۹	۱۳۰,۰۰۰
معدنی املاح ایران	۵,۱۰۰	۱.۱	۶۲۰	۶	۸۳/۰۶/۳۱	۸.۲	۲۹۵	۴۸	۸۳/۰۴/۱۱	۸۲/۱۲/۲۹	۴۰,۰۰۰
سنگ آهن گل گهر	۱۴,۶۰۰	۲.۱	۲,۶۱۰	۹	۸۳/۰۹/۳۰	۵.۶	۱,۹۰۰	۷۳	۸۳/۰۴/۱۳	۸۲/۱۲/۲۹	۷۰۰,۰۰۰
چادرملو	۱۳,۸۰۰	۰.۰	۲,۴۰۰	۹	۸۳/۰۹/۳۰	۵.۸	۱,۷۵۰	۷۳	۸۳/۰۴/۱۵	۸۲/۱۲/۲۹	۸۰۰,۰۰۰
نورد و لوله اهواز	۳,۷۰۰	۰.۶	۴۵۰	۶	۸۳/۰۶/۳۱	۸.۲	۲۱۵	۴۸	۸۳/۰۴/۱۷	۸۲/۱۲/۲۹	۱۴۰,۰۰۰
لوله و ماشین سازی	۴,۸۵۰	۰.۰	۵۹۰	۹	۸۳/۰۹/۳۰	۸.۲	۴۲۵	۷۲	۸۳/۰۴/۱۹	۸۲/۱۲/۲۹	۹۰,۰۰۰
آلومینیوم ایران	۶,۱۵۰	۱.۳	۷۵۰	۶	۸۳/۰۶/۳۱	۸.۲	۳۶۰	۴۸	۸۳/۰۴/۲۱	۸۲/۱۲/۲۹	۵۰۰,۰۰۰
ذوب آهن اصفهان	۳,۵۰۰	۰.۰	۴۳۰	۹	۸۳/۰۹/۳۰	۸.۱	۳۱۰	۷۲	۸۳/۰۴/۲۳	۸۲/۱۲/۲۹	۲,۰۰۰,۰۰۰
فولاد خوزستان	۷,۹۰۰	۰.۹	۱,۰۷۰	۹	۸۳/۰۹/۳۰	۷.۴	۷۸۰	۷۳	۸۳/۰۴/۲۵	۸۲/۱۲/۲۹	۱,۲۰۰,۰۰۰
صنعتی آما	۴,۳۵۰	۰.۰	۵۳۰	۶	۸۳/۰۶/۳۱	۸.۲	۲۵۵	۴۸	۸۳/۰۴/۲۷	۸۲/۱۲/۲۹	۵۰,۰۰۰
صنعتی پارس	۳,۲۰۰	۰.۴	۳۹۰	۶	۸۳/۰۶/۳۱	۸.۲	۱۸۵	۴۷	۸۳/۰۴/۲۹	۸۲/۱۲/۲۹	۳۰,۰۰۰
صنعتی بهشهر	۵,۰۵۰	۰.۰	۶۱۰	۹	۸۳/۰۹/۳۰	۸.۳	۴۴۰	۷۲	۸۳/۰۳/۲۸	۸۲/۱۲/۲۹	۲۸۰,۰۰۰
صنعتی دوده	۴,۶۰۰	۱.۰	۵۶۰	۶	۸۳/۰۶/۳۱	۸.۲	۲۷۰	۴۸	۸۳/۰۴/۰۲	۸۲/۱۲/۲۹	۶۰,۰۰۰
صنعتی زر	۳,۸۵۰	۰.۰	۴۷۰	۹	۸۳/۰۹/۳۰	۸.۲	۳۴۰	۷۲	۸۳/۰۴/۰۴	۸۲/۱۲/۲۹	۲۵,۰۰۰
صنعتی قزوین	۲,۹۵۰	۰.۷	۳۶۰	۶	۸۳/۰۶/۳۱	۸.۲	۱۷۰	۴۷	۸۳/۰۴/۰۶	۸۲/۱۲/۲۹	۲۰,۰۰۰
صنعتی مینو	۵,۳۵۰	۰.۰	۶۵۰	۶	۸۳/۰۶/۳۱	۸.۲	۳۱۰	۴۸	۸۳/۰۴/۰۸	۸۲/۱۲/۲۹	۹۰,۰۰۰
معدنی کاوه	۶,۸۰۰	۱.۵	۸۳۰	۹	۸۳/۰۹/۳۰	۸.۲	۶۰۰	۷۲	۸۳/۰۴/۱۰	۸۲/۱۲/۲۹	۱۰۰,۰۰۰
معادن بافق	۷,۱۰۰	۰.۰	۸۶۰	۶	۸۳/۰۶/۳۱	۸.۳	۴۱۰	۴۸	۸۳/۰۴/۱۲	۸۲/۱۲/۲۹	۱۲۰,۰۰۰
فرآورده‌های نسوز	۴,۹۵۰	۰.۶	۶۰۰	۹	۸۳/۰۹/۳۰	۸.۳	۴۳۰	۷۲	۸۳/۰۴/۱۴	۸۲/۱۲/۲۹	۷۰,۰۰۰
نسوز آذر	۳,۶۵۰	۰.۰	۴۴۵	۶	۸۳/۰۶/۳۱	۸.۲	۲۱۰	۴۷	۸۳/۰۴/۱۶	۸۲/۱۲/۲۹	۴۰,۰۰۰
ساختمان اصفهان	۲,۷۰۰	۰.۳	۳۳۰	۶	۸۳/۰۶/۳۱	۸.۲	۱۶۰	۴۸	۸۳/۰۴/۱۸	۸۲/۱۲/۲۹	۳۰,۰۰۰
مسکن تهران	۳,۱۰۰	۰.۰	۳۸۰	۹	۸۳/۰۹/۳۰	۸.۲	۲۷۵	۷۲	۸۳/۰۴/۲۰	۸۲/۱۲/۲۹	۱۵۰,۰۰۰
عمران و توسعه فارس	۲,۴۰۰	۰.۸	۲۹۰	۶	۸۳/۰۶/۳۱	۸.۳	۱۴۰	۴۸	۸۳/۰۴/۲۲	۸۲/۱۲/۲۹	۶۰,۰۰۰
